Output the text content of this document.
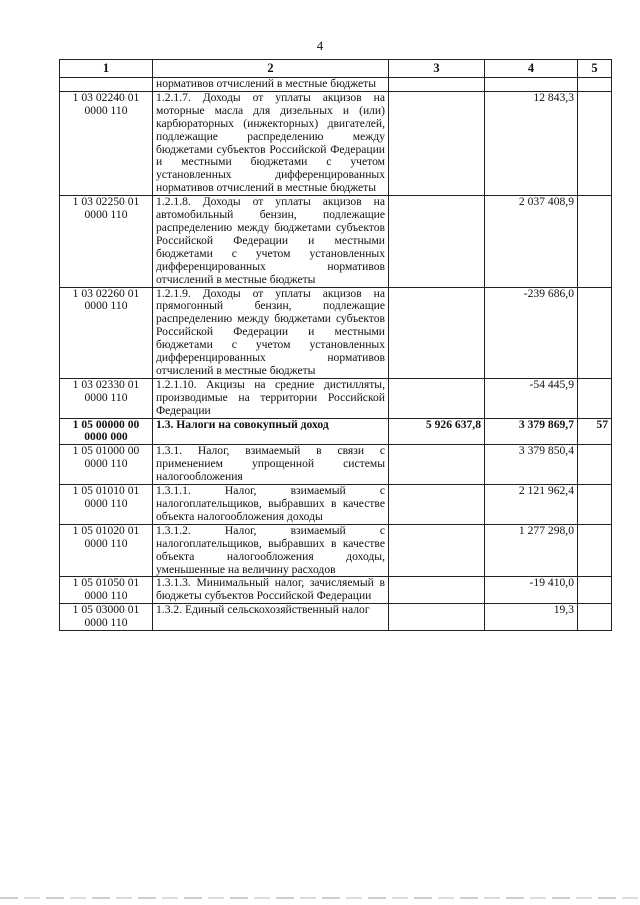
4
1	2	3	4	5
	нормативов отчислений в местные бюджеты			
1 03 02240 01 0000 110	1.2.1.7. Доходы от уплаты акцизов на моторные масла для дизельных и (или) карбюраторных (инжекторных) двигателей, подлежащие распределению между бюджетами субъектов Российской Федерации и местными бюджетами с учетом установленных дифференцированных нормативов отчислений в местные бюджеты		12 843,3	
1 03 02250 01 0000 110	1.2.1.8. Доходы от уплаты акцизов на автомобильный бензин, подлежащие распределению между бюджетами субъектов Российской Федерации и местными бюджетами с учетом установленных дифференцированных нормативов отчислений в местные бюджеты		2 037 408,9	
1 03 02260 01 0000 110	1.2.1.9. Доходы от уплаты акцизов на прямогонный бензин, подлежащие распределению между бюджетами субъектов Российской Федерации и местными бюджетами с учетом установленных дифференцированных нормативов отчислений в местные бюджеты		-239 686,0	
1 03 02330 01 0000 110	1.2.1.10. Акцизы на средние дистилляты, производимые на территории Российской Федерации		-54 445,9	
1 05 00000 00 0000 000	1.3. Налоги на совокупный доход	5 926 637,8	3 379 869,7	57
1 05 01000 00 0000 110	1.3.1. Налог, взимаемый в связи с применением упрощенной системы налогообложения		3 379 850,4	
1 05 01010 01 0000 110	1.3.1.1. Налог, взимаемый с налогоплательщиков, выбравших в качестве объекта налогообложения доходы		2 121 962,4	
1 05 01020 01 0000 110	1.3.1.2. Налог, взимаемый с налогоплательщиков, выбравших в качестве объекта налогообложения доходы, уменьшенные на величину расходов		1 277 298,0	
1 05 01050 01 0000 110	1.3.1.3. Минимальный налог, зачисляемый в бюджеты субъектов Российской Федерации		-19 410,0	
1 05 03000 01 0000 110	1.3.2. Единый сельскохозяйственный налог		19,3	
